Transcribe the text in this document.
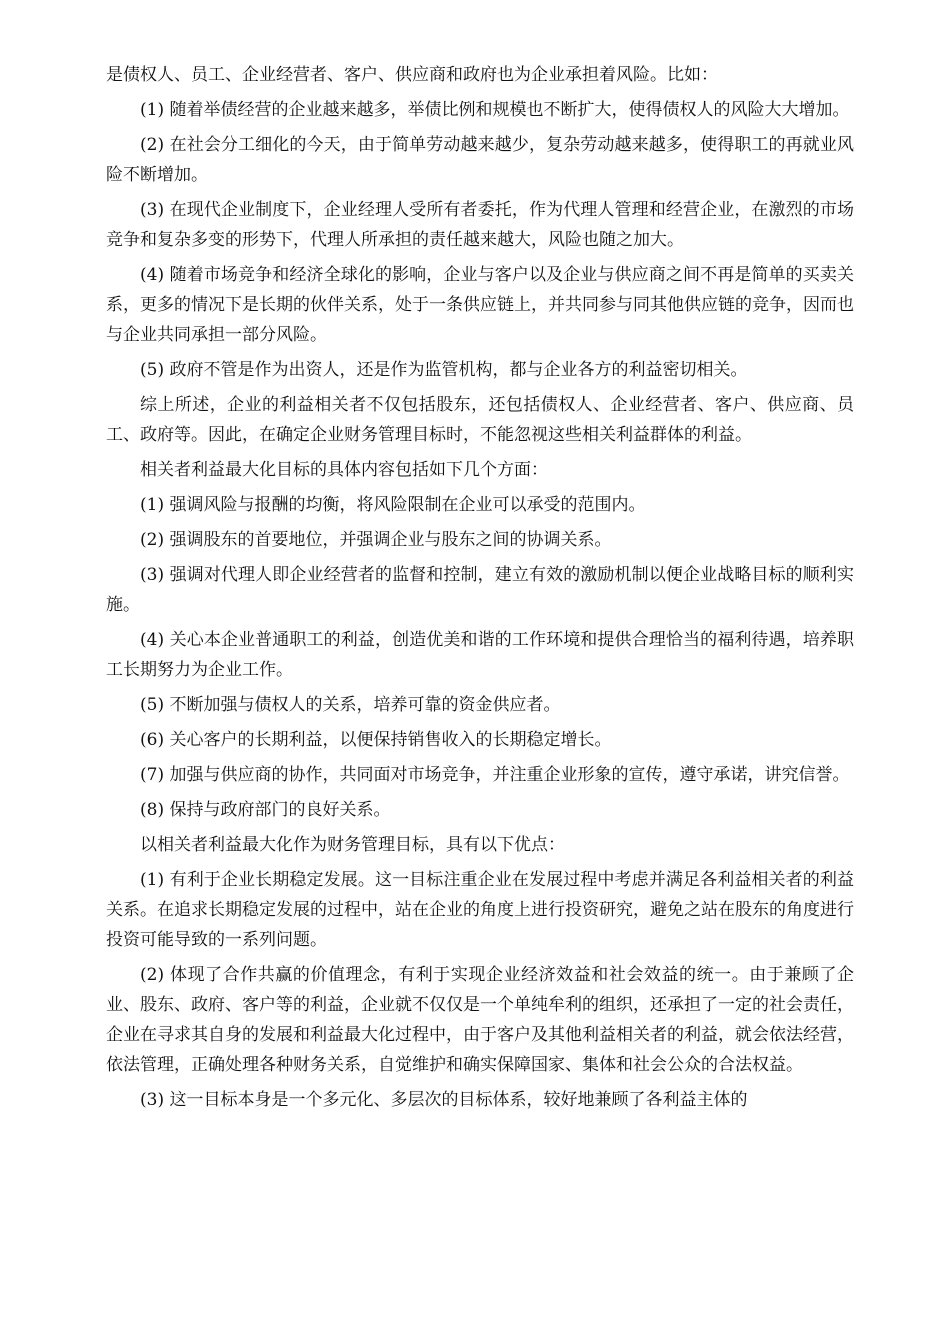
是债权人、员工、企业经营者、客户、供应商和政府也为企业承担着风险。比如：

(1) 随着举债经营的企业越来越多，举债比例和规模也不断扩大，使得债权人的风险大大增加。

(2) 在社会分工细化的今天，由于简单劳动越来越少，复杂劳动越来越多，使得职工的再就业风险不断增加。

(3) 在现代企业制度下，企业经理人受所有者委托，作为代理人管理和经营企业，在激烈的市场竞争和复杂多变的形势下，代理人所承担的责任越来越大，风险也随之加大。

(4) 随着市场竞争和经济全球化的影响，企业与客户以及企业与供应商之间不再是简单的买卖关系，更多的情况下是长期的伙伴关系，处于一条供应链上，并共同参与同其他供应链的竞争，因而也与企业共同承担一部分风险。

(5) 政府不管是作为出资人，还是作为监管机构，都与企业各方的利益密切相关。

综上所述，企业的利益相关者不仅包括股东，还包括债权人、企业经营者、客户、供应商、员工、政府等。因此，在确定企业财务管理目标时，不能忽视这些相关利益群体的利益。

相关者利益最大化目标的具体内容包括如下几个方面：

(1) 强调风险与报酬的均衡，将风险限制在企业可以承受的范围内。

(2) 强调股东的首要地位，并强调企业与股东之间的协调关系。

(3) 强调对代理人即企业经营者的监督和控制，建立有效的激励机制以便企业战略目标的顺利实施。

(4) 关心本企业普通职工的利益，创造优美和谐的工作环境和提供合理恰当的福利待遇，培养职工长期努力为企业工作。

(5) 不断加强与债权人的关系，培养可靠的资金供应者。

(6) 关心客户的长期利益，以便保持销售收入的长期稳定增长。

(7) 加强与供应商的协作，共同面对市场竞争，并注重企业形象的宣传，遵守承诺，讲究信誉。

(8) 保持与政府部门的良好关系。

以相关者利益最大化作为财务管理目标，具有以下优点：

(1) 有利于企业长期稳定发展。这一目标注重企业在发展过程中考虑并满足各利益相关者的利益关系。在追求长期稳定发展的过程中，站在企业的角度上进行投资研究，避免之站在股东的角度进行投资可能导致的一系列问题。

(2) 体现了合作共赢的价值理念，有利于实现企业经济效益和社会效益的统一。由于兼顾了企业、股东、政府、客户等的利益，企业就不仅仅是一个单纯牟利的组织，还承担了一定的社会责任，企业在寻求其自身的发展和利益最大化过程中，由于客户及其他利益相关者的利益，就会依法经营，依法管理，正确处理各种财务关系，自觉维护和确实保障国家、集体和社会公众的合法权益。

(3) 这一目标本身是一个多元化、多层次的目标体系，较好地兼顾了各利益主体的
